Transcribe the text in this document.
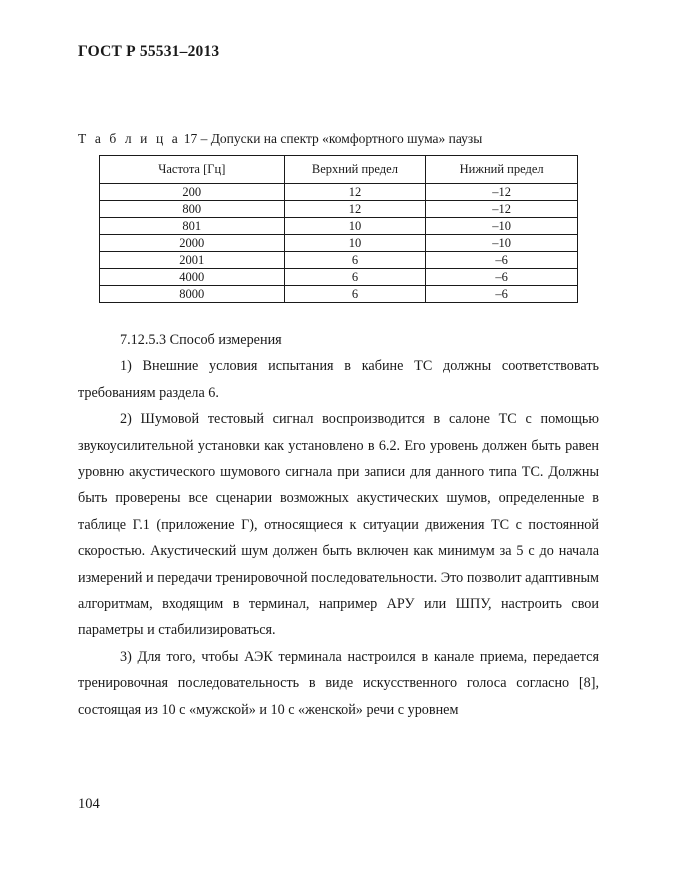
ГОСТ Р 55531–2013
Т а б л и ц а 17 – Допуски на спектр «комфортного шума» паузы
Частота [Гц]	Верхний предел	Нижний предел
200	12	–12
800	12	–12
801	10	–10
2000	10	–10
2001	6	–6
4000	6	–6
8000	6	–6

7.12.5.3 Способ измерения

1) Внешние условия испытания в кабине ТС должны соответствовать требованиям раздела 6.

2) Шумовой тестовый сигнал воспроизводится в салоне ТС с помощью звукоусилительной установки как установлено в 6.2. Его уровень должен быть равен уровню акустического шумового сигнала при записи для данного типа ТС. Должны быть проверены все сценарии возможных акустических шумов, определенные в таблице Г.1 (приложение Г), относящиеся к ситуации движения ТС с постоянной скоростью. Акустический шум должен быть включен как минимум за 5 с до начала измерений и передачи тренировочной последовательности. Это позволит адаптивным алгоритмам, входящим в терминал, например АРУ или ШПУ, настроить свои параметры и стабилизироваться.

3) Для того, чтобы АЭК терминала настроился в канале приема, передается тренировочная последовательность в виде искусственного голоса согласно [8], состоящая из 10 с «мужской» и 10 с «женской» речи с уровнем

104
